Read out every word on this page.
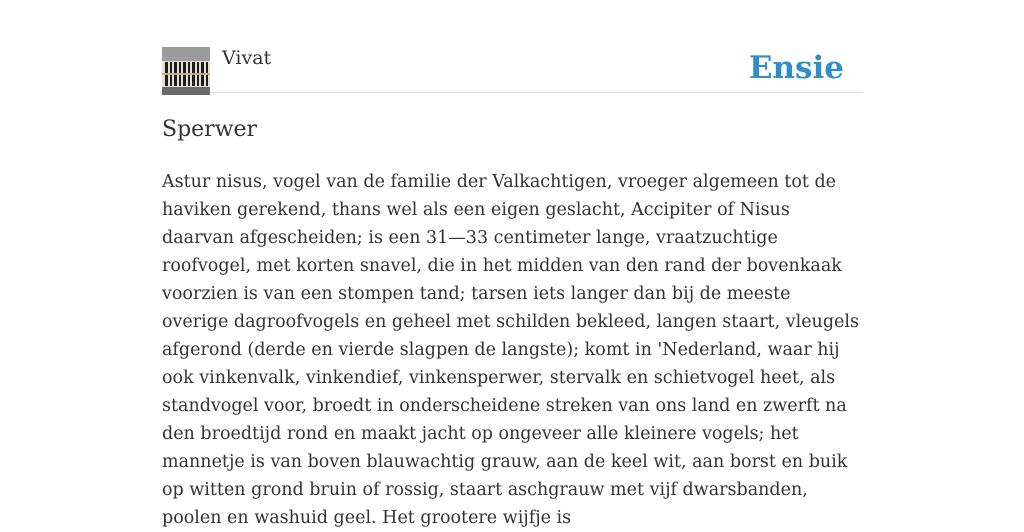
Vivat	Ensie
Sperwer

Astur nisus, vogel van de familie der Valkachtigen, vroeger algemeen tot de haviken gerekend, thans wel als een eigen geslacht, Accipiter of Nisus daarvan afgescheiden; is een 31—33 centimeter lange, vraatzuchtige roofvogel, met korten snavel, die in het midden van den rand der bovenkaak voorzien is van een stompen tand; tarsen iets langer dan bij de meeste overige dagroofvogels en geheel met schilden bekleed, langen staart, vleugels afgerond (derde en vierde slagpen de langste); komt in 'Nederland, waar hij ook vinkenvalk, vinkendief, vinkensperwer, stervalk en schietvogel heet, als standvogel voor, broedt in onderscheidene streken van ons land en zwerft na den broedtijd rond en maakt jacht op ongeveer alle kleinere vogels; het mannetje is van boven blauwachtig grauw, aan de keel wit, aan borst en buik op witten grond bruin of rossig, staart aschgrauw met vijf dwarsbanden, poolen en washuid geel. Het grootere wijfje is
